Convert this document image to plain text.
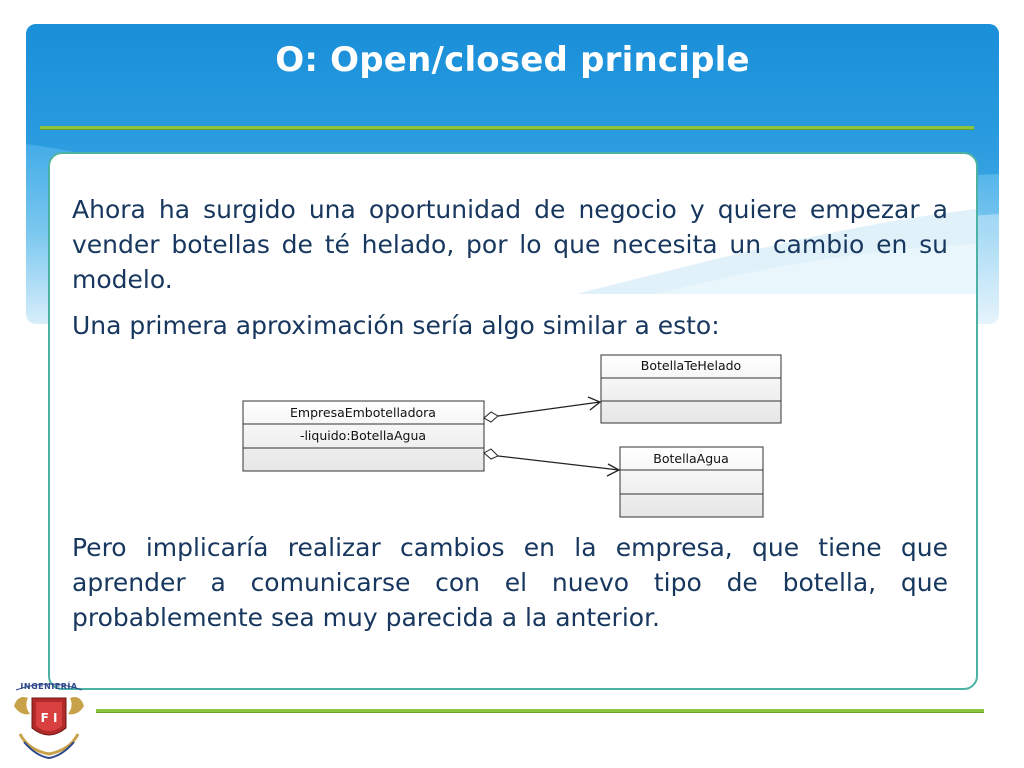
O: Open/closed principle
Ahora ha surgido una oportunidad de negocio y quiere empezar a vender botellas de té helado, por lo que necesita un cambio en su modelo.
Una primera aproximación sería algo similar a esto:
EmpresaEmbotelladora
-liquido:BotellaAgua
BotellaTeHelado
BotellaAgua
Pero implicaría realizar cambios en la empresa, que tiene que aprender a comunicarse con el nuevo tipo de botella, que probablemente sea muy parecida a la anterior.
INGENIERÍA
F I
